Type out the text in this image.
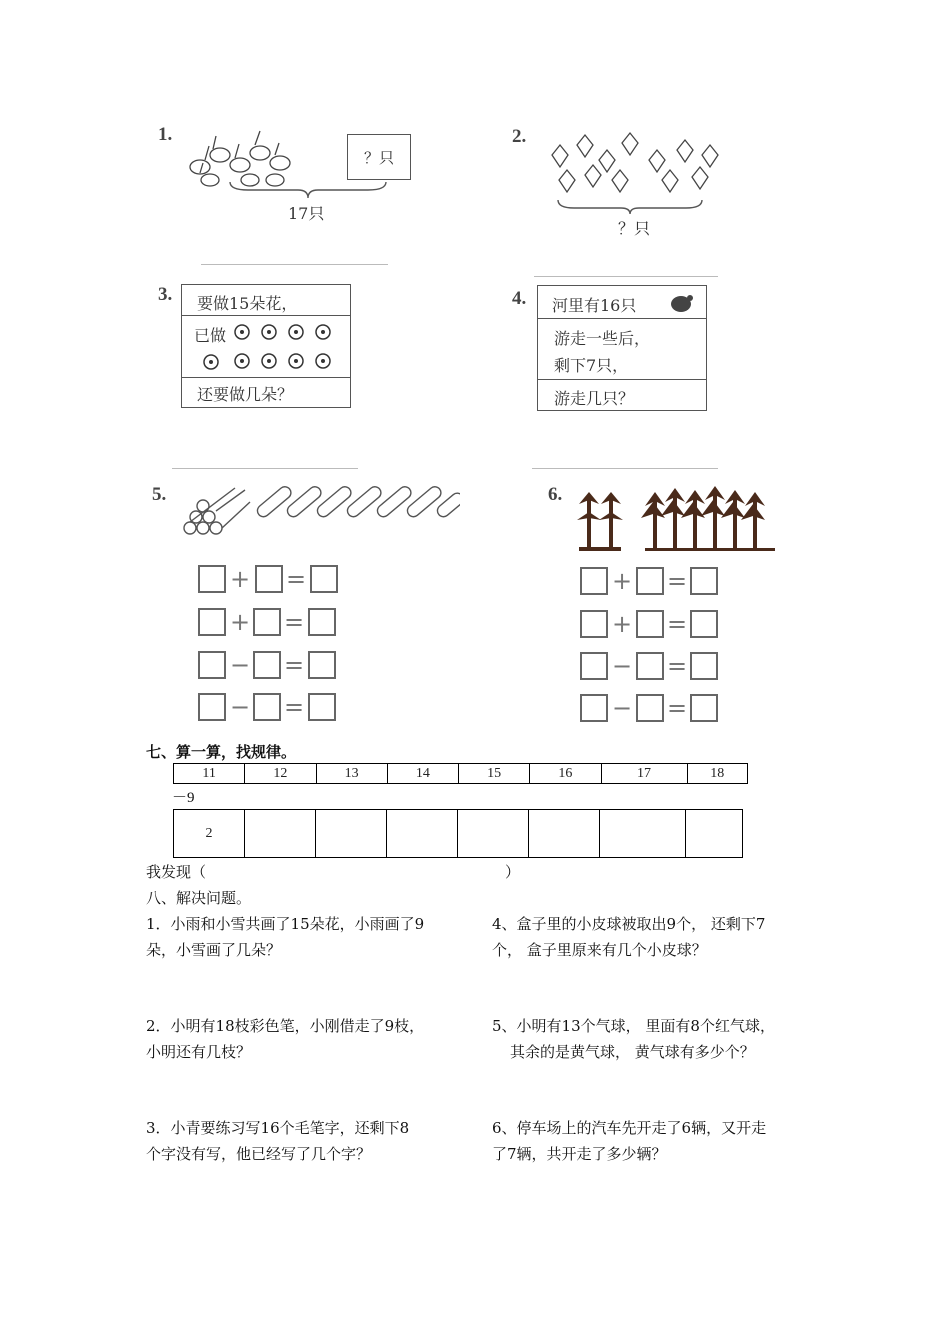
1.
？只
17只
2.
？只
3. 要做15朵花，
已做
还要做几朵？
4. 河里有16只
游走一些后，
剩下7只，
游走几只？
5.
+ =
+ =
− =
− =
6.
+ =
+ =
− =
− =
七、算一算，找规律。
11	12	13	14	15	16	17	18
－9
2							
我发现（	）
八、解决问题。
1．小雨和小雪共画了15朵花，小雨画了9
朵，小雪画了几朵？
2．小明有18枝彩色笔，小刚借走了9枝，
小明还有几枝？
3．小青要练习写16个毛笔字，还剩下8
个字没有写，他已经写了几个字？
4、盒子里的小皮球被取出9个， 还剩下7
个， 盒子里原来有几个小皮球？
5、小明有13个气球， 里面有8个红气球，
其余的是黄气球， 黄气球有多少个？
6、停车场上的汽车先开走了6辆，又开走
了7辆，共开走了多少辆？
